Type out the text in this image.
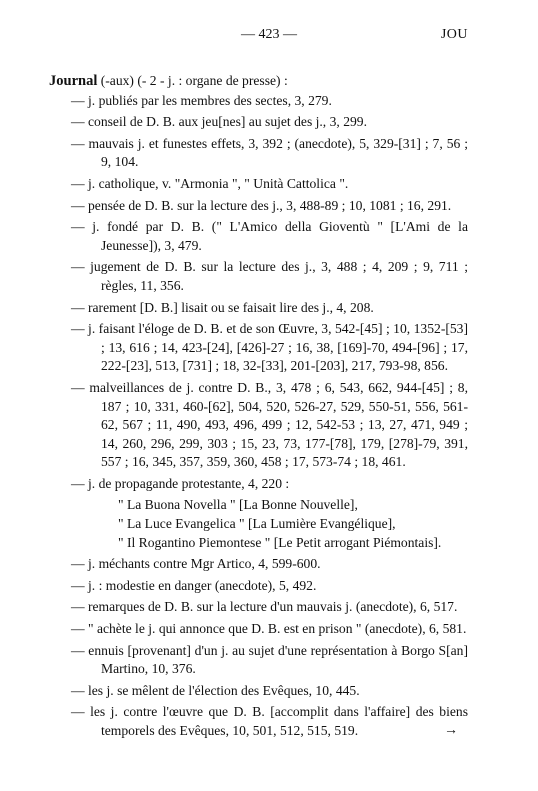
— 423 —	JOU
Journal (-aux) (- 2 - j. : organe de presse) :
— j. publiés par les membres des sectes, 3, 279.
— conseil de D. B. aux jeu[nes] au sujet des j., 3, 299.
— mauvais j. et funestes effets, 3, 392 ; (anecdote), 5, 329-[31] ; 7, 56 ; 9, 104.
— j. catholique, v. "Armonia ", " Unità Cattolica ".
— pensée de D. B. sur la lecture des j., 3, 488-89 ; 10, 1081 ; 16, 291.
— j. fondé par D. B. (" L'Amico della Gioventù " [L'Ami de la Jeunesse]), 3, 479.
— jugement de D. B. sur la lecture des j., 3, 488 ; 4, 209 ; 9, 711 ; règles, 11, 356.
— rarement [D. B.] lisait ou se faisait lire des j., 4, 208.
— j. faisant l'éloge de D. B. et de son Œuvre, 3, 542-[45] ; 10, 1352-[53] ; 13, 616 ; 14, 423-[24], [426]-27 ; 16, 38, [169]-70, 494-[96] ; 17, 222-[23], 513, [731] ; 18, 32-[33], 201-[203], 217, 793-98, 856.
— malveillances de j. contre D. B., 3, 478 ; 6, 543, 662, 944-[45] ; 8, 187 ; 10, 331, 460-[62], 504, 520, 526-27, 529, 550-51, 556, 561-62, 567 ; 11, 490, 493, 496, 499 ; 12, 542-53 ; 13, 27, 471, 949 ; 14, 260, 296, 299, 303 ; 15, 23, 73, 177-[78], 179, [278]-79, 391, 557 ; 16, 345, 357, 359, 360, 458 ; 17, 573-74 ; 18, 461.
— j. de propagande protestante, 4, 220 :
" La Buona Novella " [La Bonne Nouvelle],
" La Luce Evangelica " [La Lumière Evangélique],
" Il Rogantino Piemontese " [Le Petit arrogant Piémontais].
— j. méchants contre Mgr Artico, 4, 599-600.
— j. : modestie en danger (anecdote), 5, 492.
— remarques de D. B. sur la lecture d'un mauvais j. (anecdote), 6, 517.
— " achète le j. qui annonce que D. B. est en prison " (anecdote), 6, 581.
— ennuis [provenant] d'un j. au sujet d'une représentation à Borgo S[an] Martino, 10, 376.
— les j. se mêlent de l'élection des Evêques, 10, 445.
— les j. contre l'œuvre que D. B. [accomplit dans l'affaire] des biens temporels des Evêques, 10, 501, 512, 515, 519.	→
